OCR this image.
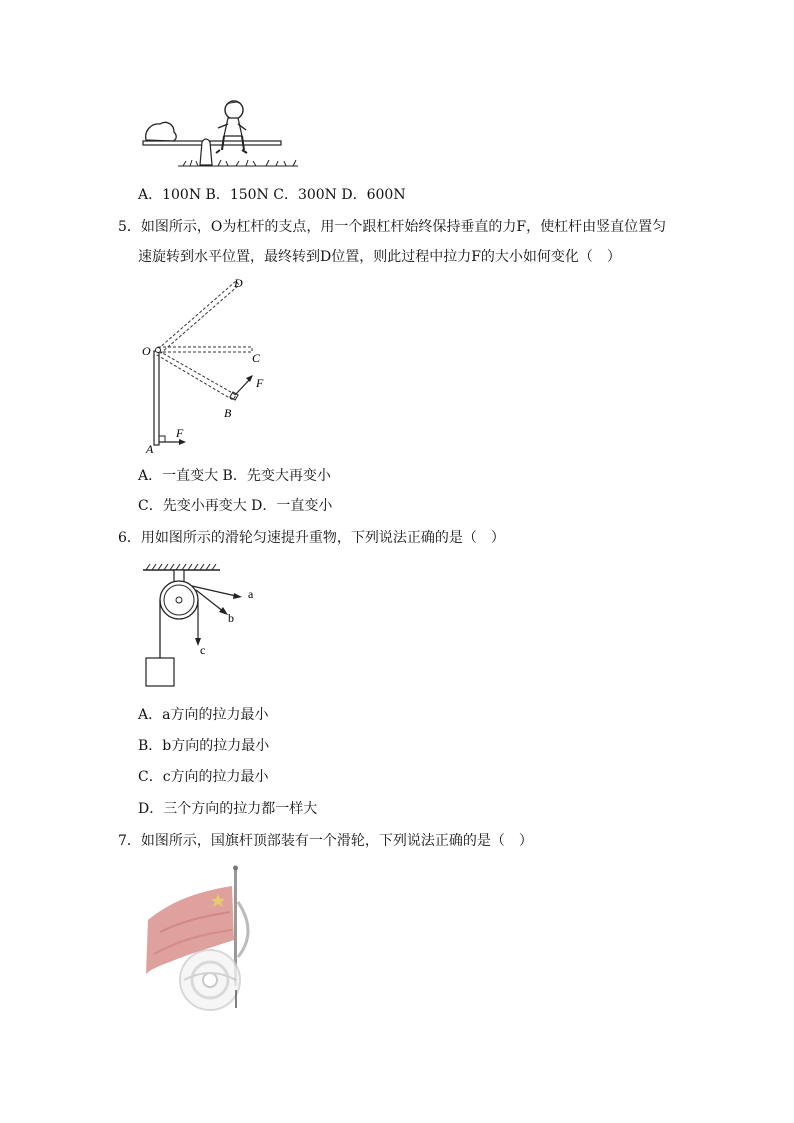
A．100N B．150N C．300N D．600N
5．如图所示，O为杠杆的支点，用一个跟杠杆始终保持垂直的力F，使杠杆由竖直位置匀
速旋转到水平位置，最终转到D位置，则此过程中拉力F的大小如何变化（　）
D
O	C
F
B
F
A
A．一直变大 B．先变大再变小
C．先变小再变大 D．一直变小
6．用如图所示的滑轮匀速提升重物，下列说法正确的是（　）
a
b
c
A．a方向的拉力最小
B．b方向的拉力最小
C．c方向的拉力最小
D．三个方向的拉力都一样大
7．如图所示，国旗杆顶部装有一个滑轮，下列说法正确的是（　）
